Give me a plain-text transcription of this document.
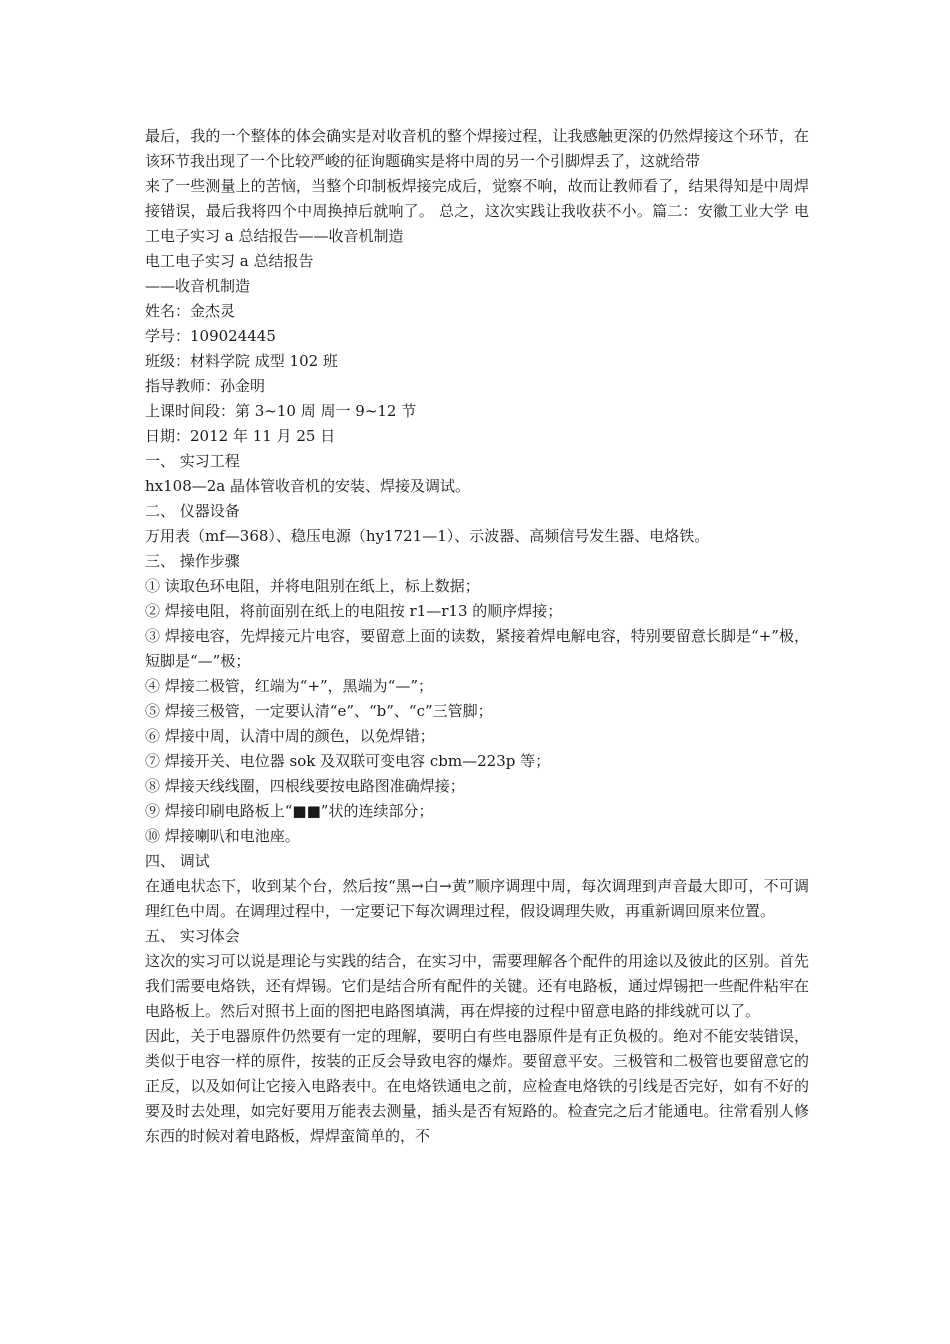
最后，我的一个整体的体会确实是对收音机的整个焊接过程，让我感触更深的仍然焊接这个环节，在该环节我出现了一个比较严峻的征询题确实是将中周的另一个引脚焊丢了，这就给带

来了一些测量上的苦恼，当整个印制板焊接完成后，觉察不响，故而让教师看了，结果得知是中周焊接错误，最后我将四个中周换掉后就响了。 总之，这次实践让我收获不小。篇二：安徽工业大学 电工电子实习 a 总结报告——收音机制造

电工电子实习 a 总结报告

——收音机制造

姓名：金杰灵

学号：109024445

班级：材料学院 成型 102 班

指导教师：孙金明

上课时间段：第 3~10 周 周一 9~12 节

日期：2012 年 11 月 25 日

一、 实习工程

hx108—2a 晶体管收音机的安装、焊接及调试。

二、 仪器设备

万用表（mf—368）、稳压电源（hy1721—1）、示波器、高频信号发生器、电烙铁。

三、 操作步骤

① 读取色环电阻，并将电阻别在纸上，标上数据；

② 焊接电阻，将前面别在纸上的电阻按 r1—r13 的顺序焊接；

③ 焊接电容，先焊接元片电容，要留意上面的读数，紧接着焊电解电容，特别要留意长脚是“+”极，短脚是“—”极；

④ 焊接二极管，红端为“+”，黑端为“—”；

⑤ 焊接三极管，一定要认清“e”、“b”、“c”三管脚；

⑥ 焊接中周，认清中周的颜色，以免焊错；

⑦ 焊接开关、电位器 sok 及双联可变电容 cbm—223p 等；

⑧ 焊接天线线圈，四根线要按电路图准确焊接；

⑨ 焊接印刷电路板上“■■”状的连续部分；

⑩ 焊接喇叭和电池座。

四、 调试

在通电状态下，收到某个台，然后按“黑→白→黄”顺序调理中周，每次调理到声音最大即可，不可调理红色中周。在调理过程中，一定要记下每次调理过程，假设调理失败，再重新调回原来位置。

五、 实习体会

这次的实习可以说是理论与实践的结合，在实习中，需要理解各个配件的用途以及彼此的区别。首先我们需要电烙铁，还有焊锡。它们是结合所有配件的关键。还有电路板，通过焊锡把一些配件粘牢在电路板上。然后对照书上面的图把电路图填满，再在焊接的过程中留意电路的排线就可以了。

因此，关于电器原件仍然要有一定的理解，要明白有些电器原件是有正负极的。绝对不能安装错误，类似于电容一样的原件，按装的正反会导致电容的爆炸。要留意平安。三极管和二极管也要留意它的正反，以及如何让它接入电路表中。在电烙铁通电之前，应检查电烙铁的引线是否完好，如有不好的要及时去处理，如完好要用万能表去测量，插头是否有短路的。检查完之后才能通电。往常看别人修东西的时候对着电路板，焊焊蛮简单的，不
